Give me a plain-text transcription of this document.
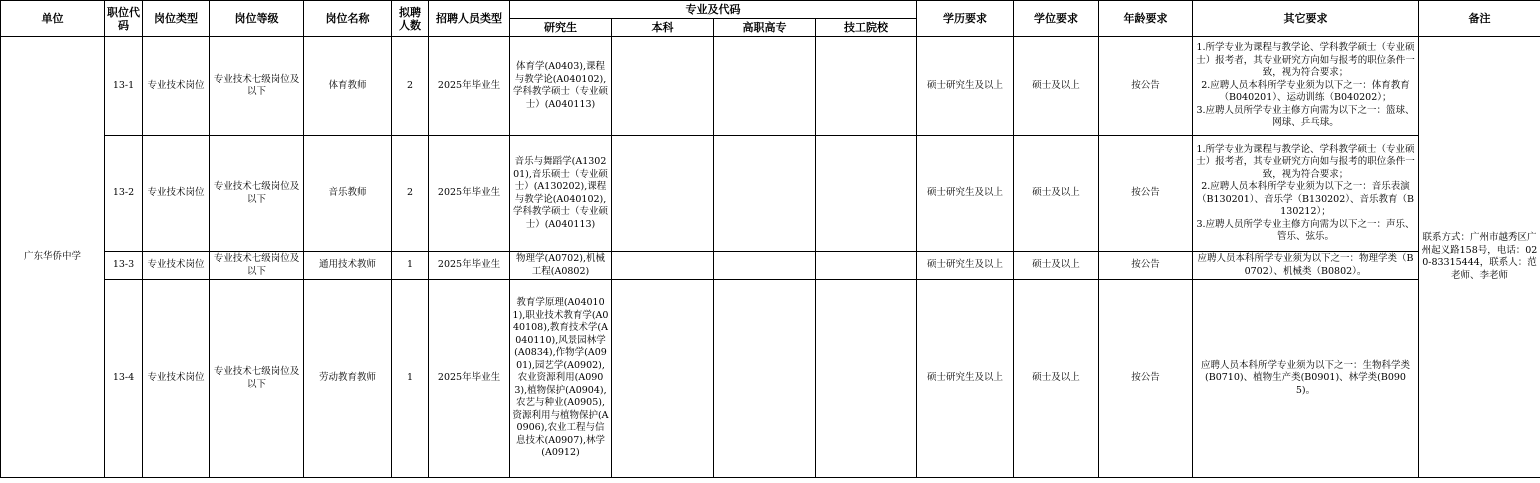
单位	职位代码	岗位类型	岗位等级	岗位名称	拟聘人数	招聘人员类型	专业及代码				学历要求	学位要求	年龄要求	其它要求	备注
							研究生	本科	高职高专	技工院校					
广东华侨中学	13-1	专业技术岗位	专业技术七级岗位及以下	体育教师	2	2025年毕业生	体育学(A0403),课程与教学论(A040102),学科教学硕士（专业硕士）(A040113)				硕士研究生及以上	硕士及以上	按公告	1.所学专业为课程与教学论、学科教学硕士（专业硕士）报考者，其专业研究方向如与报考的职位条件一致，视为符合要求；
2.应聘人员本科所学专业须为以下之一：体育教育（B040201）、运动训练（B040202）；
3.应聘人员所学专业主修方向需为以下之一：篮球、网球、乒乓球。	联系方式：广州市越秀区广州起义路158号，电话：020-83315444，联系人：范老师、李老师
	13-2	专业技术岗位	专业技术七级岗位及以下	音乐教师	2	2025年毕业生	音乐与舞蹈学(A130201),音乐硕士（专业硕士）(A130202),课程与教学论(A040102),学科教学硕士（专业硕士）(A040113)				硕士研究生及以上	硕士及以上	按公告	1.所学专业为课程与教学论、学科教学硕士（专业硕士）报考者，其专业研究方向如与报考的职位条件一致，视为符合要求；
2.应聘人员本科所学专业须为以下之一：音乐表演（B130201）、音乐学（B130202）、音乐教育（B130212）；
3.应聘人员所学专业主修方向需为以下之一：声乐、管乐、弦乐。	

	13-3	专业技术岗位	专业技术七级岗位及以下	通用技术教师	1	2025年毕业生	物理学(A0702),机械工程(A0802)				硕士研究生及以上	硕士及以上	按公告	应聘人员本科所学专业须为以下之一：物理学类（B0702）、机械类（B0802）。	

	13-4	专业技术岗位	专业技术七级岗位及以下	劳动教育教师	1	2025年毕业生	教育学原理(A040101),职业技术教育学(A040108),教育技术学(A040110),风景园林学(A0834),作物学(A0901),园艺学(A0902),农业资源利用(A0903),植物保护(A0904),农艺与种业(A0905),资源利用与植物保护(A0906),农业工程与信息技术(A0907),林学(A0912)				硕士研究生及以上	硕士及以上	按公告	应聘人员本科所学专业须为以下之一：生物科学类(B0710)、植物生产类(B0901)、林学类(B0905)。	
